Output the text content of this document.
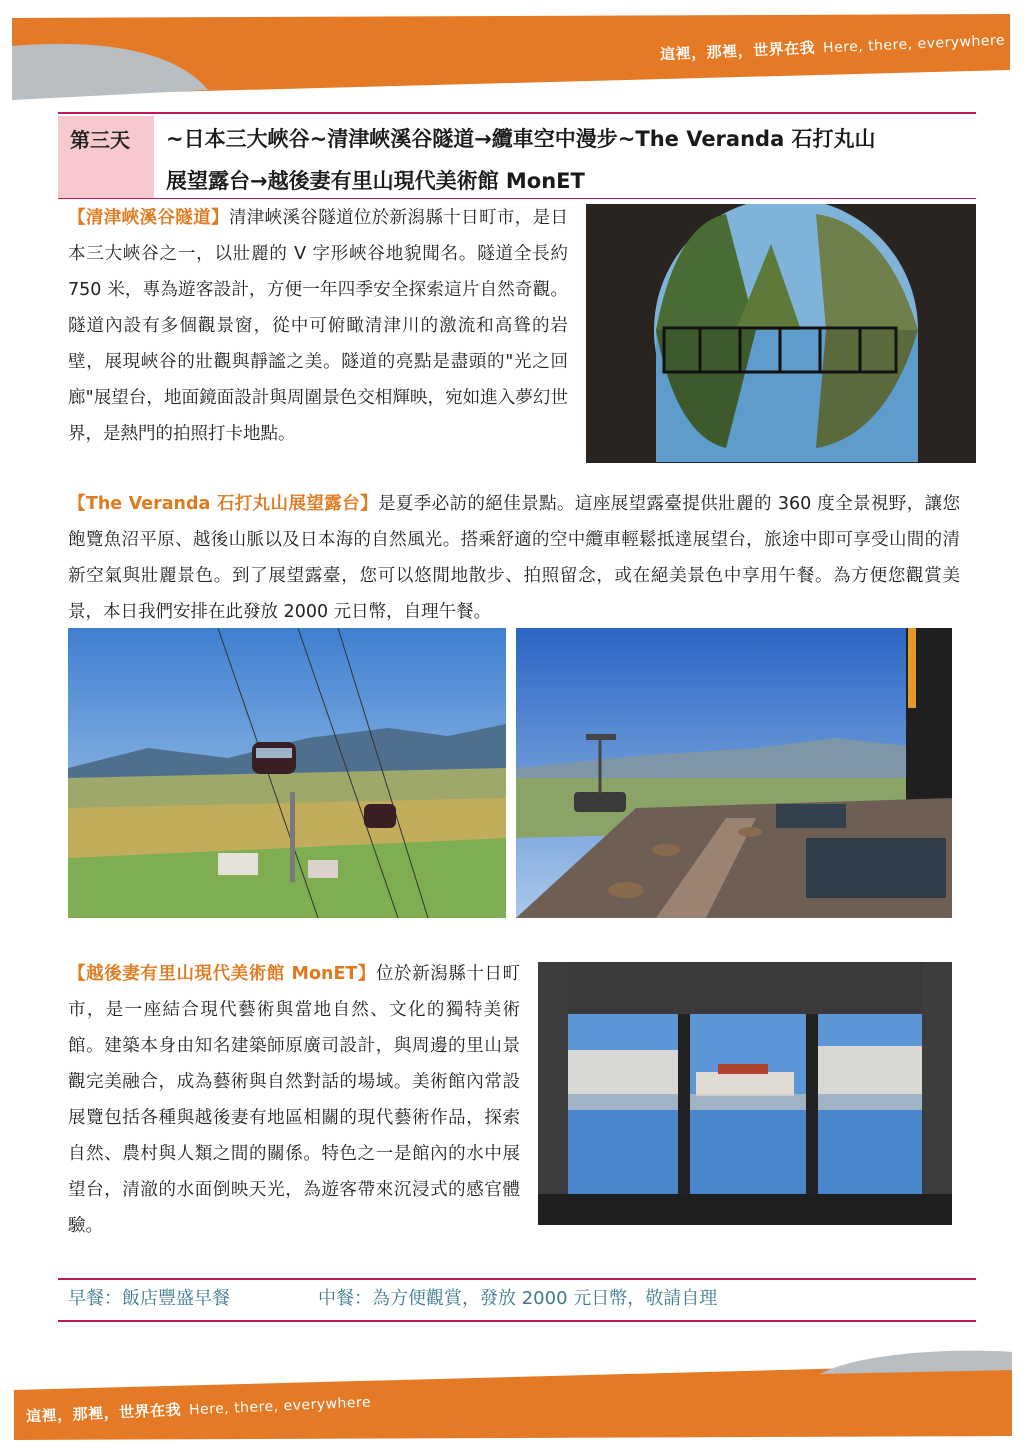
這裡，那裡，世界在我 Here, there, everywhere
第三天	~日本三大峽谷~清津峽溪谷隧道→纜車空中漫步~The Veranda 石打丸山
展望露台→越後妻有里山現代美術館 MonET
【清津峽溪谷隧道】清津峽溪谷隧道位於新潟縣十日町市，是日本三大峽谷之一，以壯麗的 V 字形峽谷地貌聞名。隧道全長約 750 米，專為遊客設計，方便一年四季安全探索這片自然奇觀。隧道內設有多個觀景窗，從中可俯瞰清津川的激流和高聳的岩壁，展現峽谷的壯觀與靜謐之美。隧道的亮點是盡頭的"光之回廊"展望台，地面鏡面設計與周圍景色交相輝映，宛如進入夢幻世界，是熱門的拍照打卡地點。
【The Veranda 石打丸山展望露台】是夏季必訪的絕佳景點。這座展望露臺提供壯麗的 360 度全景視野，讓您飽覽魚沼平原、越後山脈以及日本海的自然風光。搭乘舒適的空中纜車輕鬆抵達展望台，旅途中即可享受山間的清新空氣與壯麗景色。到了展望露臺，您可以悠閒地散步、拍照留念，或在絕美景色中享用午餐。為方便您觀賞美景，本日我們安排在此發放 2000 元日幣，自理午餐。
【越後妻有里山現代美術館 MonET】位於新潟縣十日町市，是一座結合現代藝術與當地自然、文化的獨特美術館。建築本身由知名建築師原廣司設計，與周邊的里山景觀完美融合，成為藝術與自然對話的場域。美術館內常設展覽包括各種與越後妻有地區相關的現代藝術作品，探索自然、農村與人類之間的關係。特色之一是館內的水中展望台，清澈的水面倒映天光，為遊客帶來沉浸式的感官體驗。
早餐：飯店豐盛早餐	中餐：為方便觀賞，發放 2000 元日幣，敬請自理
這裡，那裡，世界在我 Here, there, everywhere
